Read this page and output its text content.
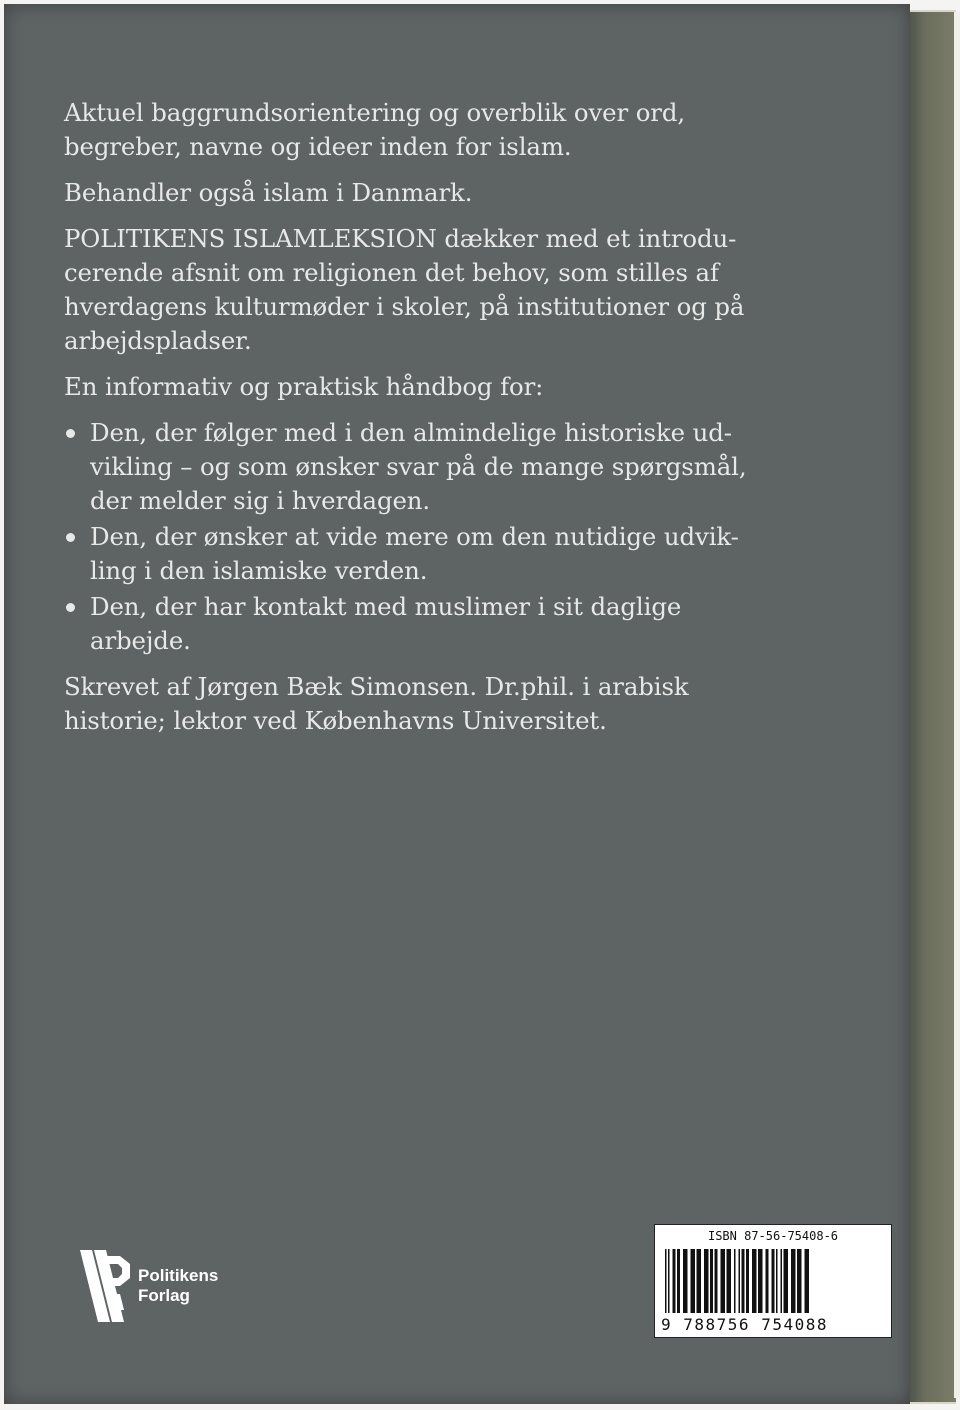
Aktuel baggrundsorientering og overblik over ord,
begreber, navne og ideer inden for islam.

Behandler også islam i Danmark.

POLITIKENS ISLAMLEKSION dækker med et introdu-
cerende afsnit om religionen det behov, som stilles af
hverdagens kulturmøder i skoler, på institutioner og på
arbejdspladser.

En informativ og praktisk håndbog for:

Den, der følger med i den almindelige historiske ud-
vikling – og som ønsker svar på de mange spørgsmål,
der melder sig i hverdagen.
Den, der ønsker at vide mere om den nutidige udvik-
ling i den islamiske verden.
Den, der har kontakt med muslimer i sit daglige
arbejde.

Skrevet af Jørgen Bæk Simonsen. Dr.phil. i arabisk
historie; lektor ved Københavns Universitet.

Politikens
Forlag
ISBN 87-56-75408-6
9 788756 754088
